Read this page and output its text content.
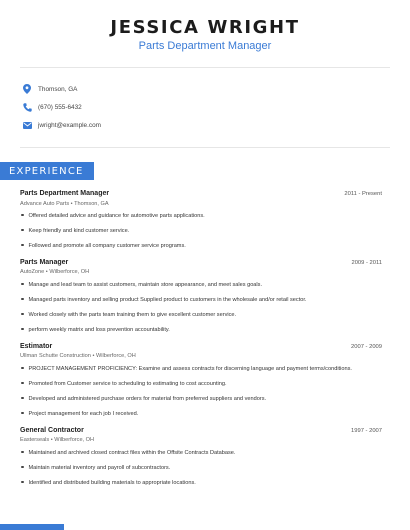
JESSICA WRIGHT
Parts Department Manager
Thomson, GA
(670) 555-6432
jwright@example.com
EXPERIENCE
Parts Department Manager	2011 - Present
Advance Auto Parts • Thomson, GA
Offered detailed advice and guidance for automotive parts applications.
Keep friendly and kind customer service.
Followed and promote all company customer service programs.
Parts Manager	2009 - 2011
AutoZone • Wilberforce, OH
Manage and lead team to assist customers, maintain store appearance, and meet sales goals.
Managed parts inventory and selling product Supplied product to customers in the wholesale and/or retail sector.
Worked closely with the parts team training them to give excellent customer service.
perform weekly matrix and loss prevention accountability.
Estimator	2007 - 2009
Ullman Schutte Construction • Wilberforce, OH
PROJECT MANAGEMENT PROFICIENCY: Examine and assess contracts for discerning language and payment terms/conditions.
Promoted from Customer service to scheduling to estimating to cost accounting.
Developed and administered purchase orders for material from preferred suppliers and vendors.
Project management for each job I received.
General Contractor	1997 - 2007
Easterseals • Wilberforce, OH
Maintained and archived closed contract files within the Offsite Contracts Database.
Maintain material inventory and payroll of subcontractors.
Identified and distributed building materials to appropriate locations.
